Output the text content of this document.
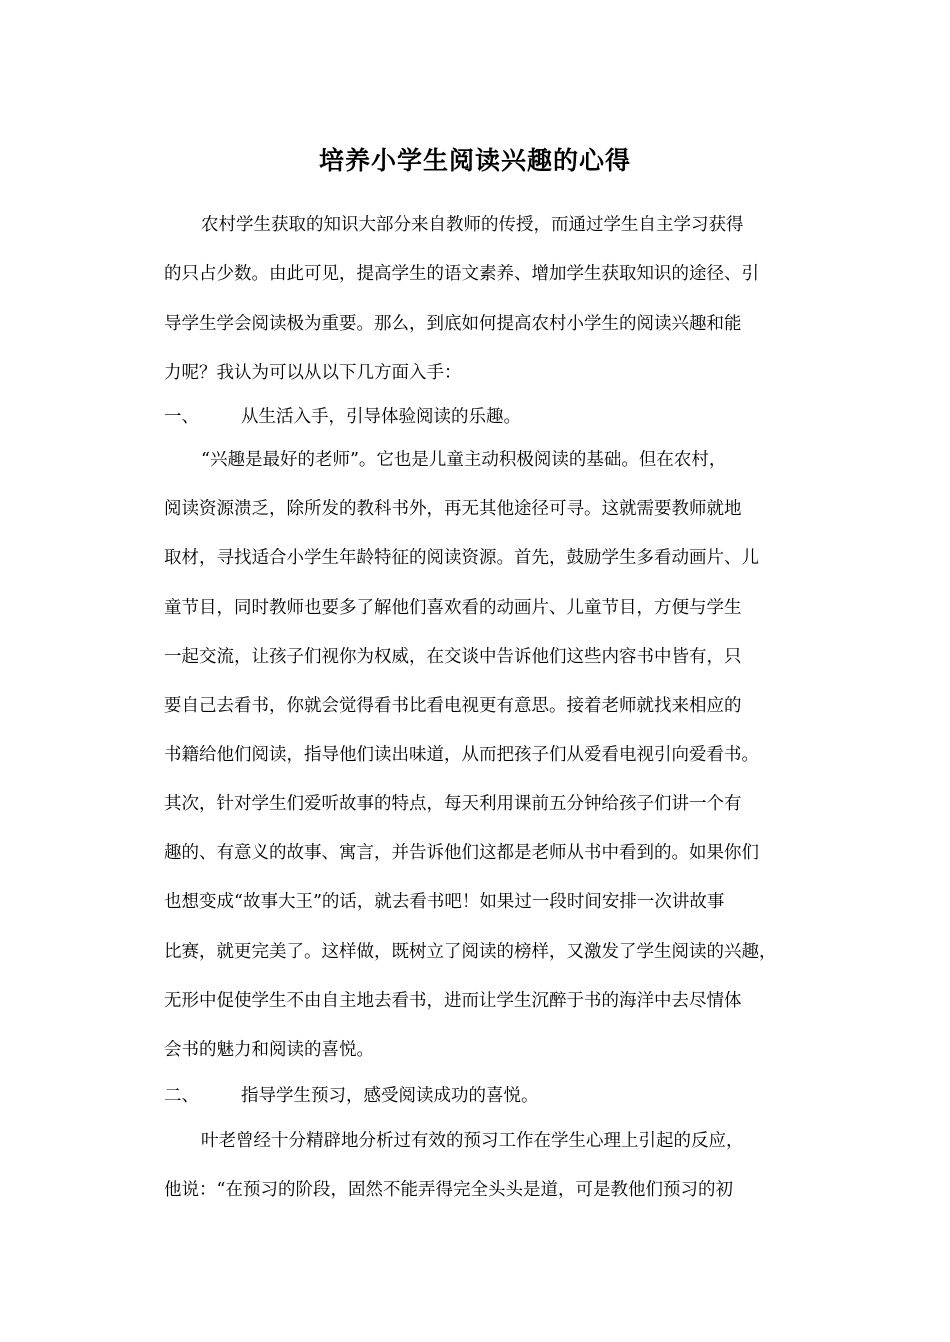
培养小学生阅读兴趣的心得
农村学生获取的知识大部分来自教师的传授，而通过学生自主学习获得
的只占少数。由此可见，提高学生的语文素养、增加学生获取知识的途径、引
导学生学会阅读极为重要。那么，到底如何提高农村小学生的阅读兴趣和能
力呢？我认为可以从以下几方面入手：
一、 从生活入手，引导体验阅读的乐趣。
“兴趣是最好的老师”。它也是儿童主动积极阅读的基础。但在农村，
阅读资源溃乏，除所发的教科书外，再无其他途径可寻。这就需要教师就地
取材，寻找适合小学生年龄特征的阅读资源。首先，鼓励学生多看动画片、儿
童节目，同时教师也要多了解他们喜欢看的动画片、儿童节目，方便与学生
一起交流，让孩子们视你为权威，在交谈中告诉他们这些内容书中皆有，只
要自己去看书，你就会觉得看书比看电视更有意思。接着老师就找来相应的
书籍给他们阅读，指导他们读出味道，从而把孩子们从爱看电视引向爱看书。
其次，针对学生们爱听故事的特点，每天利用课前五分钟给孩子们讲一个有
趣的、有意义的故事、寓言，并告诉他们这都是老师从书中看到的。如果你们
也想变成“故事大王”的话，就去看书吧！如果过一段时间安排一次讲故事
比赛，就更完美了。这样做，既树立了阅读的榜样，又激发了学生阅读的兴趣，
无形中促使学生不由自主地去看书，进而让学生沉醉于书的海洋中去尽情体
会书的魅力和阅读的喜悦。
二、 指导学生预习，感受阅读成功的喜悦。
叶老曾经十分精辟地分析过有效的预习工作在学生心理上引起的反应，
他说：“在预习的阶段，固然不能弄得完全头头是道，可是教他们预习的初
